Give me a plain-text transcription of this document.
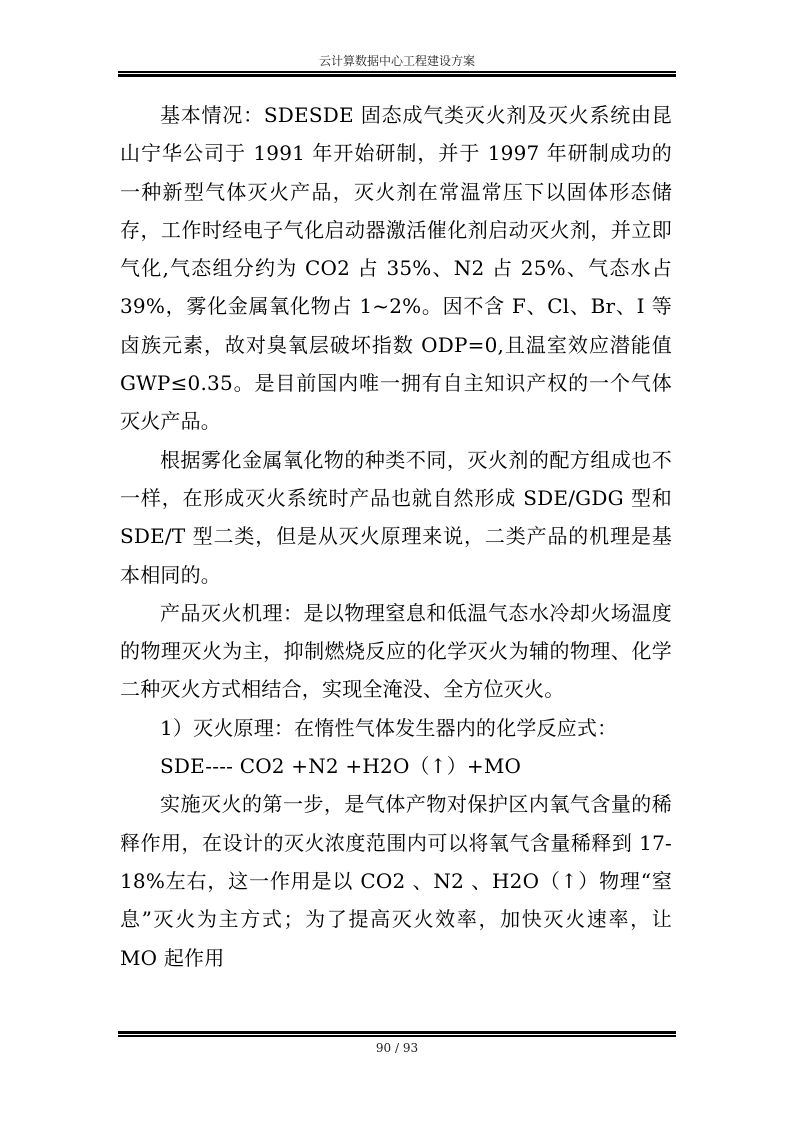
云计算数据中心工程建设方案

基本情况：SDESDE 固态成气类灭火剂及灭火系统由昆山宁华公司于 1991 年开始研制，并于 1997 年研制成功的一种新型气体灭火产品，灭火剂在常温常压下以固体形态储存，工作时经电子气化启动器激活催化剂启动灭火剂，并立即气化,气态组分约为 CO2 占 35%、N2 占 25%、气态水占 39%，雾化金属氧化物占 1~2%。因不含 F、Cl、Br、I 等卤族元素，故对臭氧层破坏指数 ODP=0,且温室效应潜能值 GWP≤0.35。是目前国内唯一拥有自主知识产权的一个气体灭火产品。

根据雾化金属氧化物的种类不同，灭火剂的配方组成也不一样，在形成灭火系统时产品也就自然形成 SDE/GDG 型和 SDE/T 型二类，但是从灭火原理来说，二类产品的机理是基本相同的。

产品灭火机理：是以物理窒息和低温气态水冷却火场温度的物理灭火为主，抑制燃烧反应的化学灭火为辅的物理、化学二种灭火方式相结合，实现全淹没、全方位灭火。

1）灭火原理：在惰性气体发生器内的化学反应式：

SDE---- CO2 +N2 +H2O（↑）+MO

实施灭火的第一步，是气体产物对保护区内氧气含量的稀释作用，在设计的灭火浓度范围内可以将氧气含量稀释到 17-18%左右，这一作用是以 CO2 、N2 、H2O（↑）物理“窒息”灭火为主方式；为了提高灭火效率，加快灭火速率，让 MO 起作用

90 / 93
